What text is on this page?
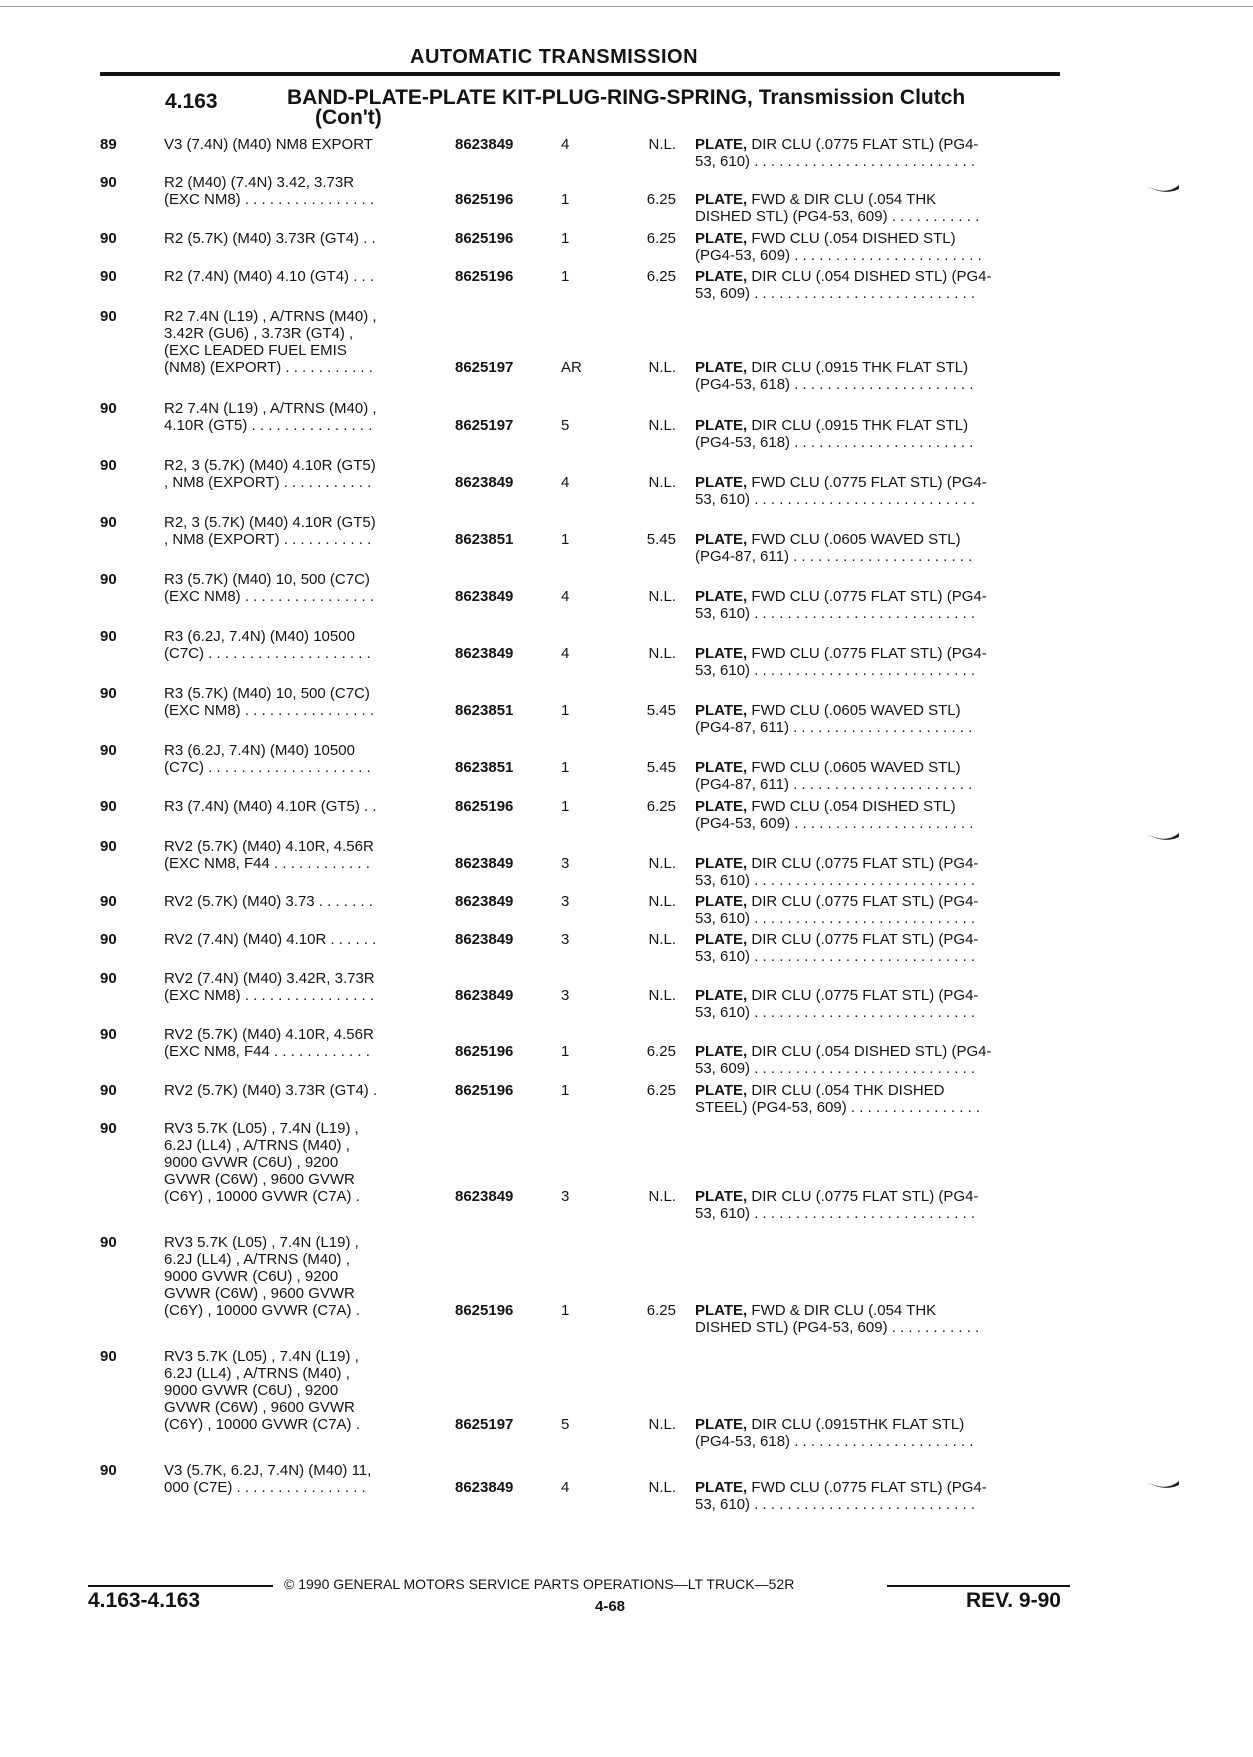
AUTOMATIC TRANSMISSION
4.163	BAND-PLATE-PLATE KIT-PLUG-RING-SPRING, Transmission Clutch
(Con't)
89	V3 (7.4N) (M40) NM8 EXPORT	8623849	4	N.L. PLATE, DIR CLU (.0775 FLAT STL) (PG4-
53, 610) . . . . . . . . . . . . . . . . . . . . . . . . . . .
90	R2 (M40) (7.4N) 3.42, 3.73R
(EXC NM8) . . . . . . . . . . . . . . . .	8625196	1	6.25 PLATE, FWD & DIR CLU (.054 THK
DISHED STL) (PG4-53, 609) . . . . . . . . . . .
90	R2 (5.7K) (M40) 3.73R (GT4) . .	8625196	1	6.25 PLATE, FWD CLU (.054 DISHED STL)
(PG4-53, 609) . . . . . . . . . . . . . . . . . . . . . . .
90	R2 (7.4N) (M40) 4.10 (GT4) . . .	8625196	1	6.25 PLATE, DIR CLU (.054 DISHED STL) (PG4-
53, 609) . . . . . . . . . . . . . . . . . . . . . . . . . . .
90	R2 7.4N (L19) , A/TRNS (M40) ,
3.42R (GU6) , 3.73R (GT4) ,
(EXC LEADED FUEL EMIS
(NM8) (EXPORT) . . . . . . . . . . .	8625197	AR	N.L. PLATE, DIR CLU (.0915 THK FLAT STL)
(PG4-53, 618) . . . . . . . . . . . . . . . . . . . . . .
90	R2 7.4N (L19) , A/TRNS (M40) ,
4.10R (GT5) . . . . . . . . . . . . . . .	8625197	5	N.L. PLATE, DIR CLU (.0915 THK FLAT STL)
(PG4-53, 618) . . . . . . . . . . . . . . . . . . . . . .
90	R2, 3 (5.7K) (M40) 4.10R (GT5)
, NM8 (EXPORT) . . . . . . . . . . .	8623849	4	N.L. PLATE, FWD CLU (.0775 FLAT STL) (PG4-
53, 610) . . . . . . . . . . . . . . . . . . . . . . . . . . .
90	R2, 3 (5.7K) (M40) 4.10R (GT5)
, NM8 (EXPORT) . . . . . . . . . . .	8623851	1	5.45 PLATE, FWD CLU (.0605 WAVED STL)
(PG4-87, 611) . . . . . . . . . . . . . . . . . . . . . .
90	R3 (5.7K) (M40) 10, 500 (C7C)
(EXC NM8) . . . . . . . . . . . . . . . .	8623849	4	N.L. PLATE, FWD CLU (.0775 FLAT STL) (PG4-
53, 610) . . . . . . . . . . . . . . . . . . . . . . . . . . .
90	R3 (6.2J, 7.4N) (M40) 10500
(C7C) . . . . . . . . . . . . . . . . . . . .	8623849	4	N.L. PLATE, FWD CLU (.0775 FLAT STL) (PG4-
53, 610) . . . . . . . . . . . . . . . . . . . . . . . . . . .
90	R3 (5.7K) (M40) 10, 500 (C7C)
(EXC NM8) . . . . . . . . . . . . . . . .	8623851	1	5.45 PLATE, FWD CLU (.0605 WAVED STL)
(PG4-87, 611) . . . . . . . . . . . . . . . . . . . . . .
90	R3 (6.2J, 7.4N) (M40) 10500
(C7C) . . . . . . . . . . . . . . . . . . . .	8623851	1	5.45 PLATE, FWD CLU (.0605 WAVED STL)
(PG4-87, 611) . . . . . . . . . . . . . . . . . . . . . .
90	R3 (7.4N) (M40) 4.10R (GT5) . .	8625196	1	6.25 PLATE, FWD CLU (.054 DISHED STL)
(PG4-53, 609) . . . . . . . . . . . . . . . . . . . . . .
90	RV2 (5.7K) (M40) 4.10R, 4.56R
(EXC NM8, F44 . . . . . . . . . . . .	8623849	3	N.L. PLATE, DIR CLU (.0775 FLAT STL) (PG4-
53, 610) . . . . . . . . . . . . . . . . . . . . . . . . . . .
90	RV2 (5.7K) (M40) 3.73 . . . . . . .	8623849	3	N.L. PLATE, DIR CLU (.0775 FLAT STL) (PG4-
53, 610) . . . . . . . . . . . . . . . . . . . . . . . . . . .
90	RV2 (7.4N) (M40) 4.10R . . . . . .	8623849	3	N.L. PLATE, DIR CLU (.0775 FLAT STL) (PG4-
53, 610) . . . . . . . . . . . . . . . . . . . . . . . . . . .
90	RV2 (7.4N) (M40) 3.42R, 3.73R
(EXC NM8) . . . . . . . . . . . . . . . .	8623849	3	N.L. PLATE, DIR CLU (.0775 FLAT STL) (PG4-
53, 610) . . . . . . . . . . . . . . . . . . . . . . . . . . .
90	RV2 (5.7K) (M40) 4.10R, 4.56R
(EXC NM8, F44 . . . . . . . . . . . .	8625196	1	6.25 PLATE, DIR CLU (.054 DISHED STL) (PG4-
53, 609) . . . . . . . . . . . . . . . . . . . . . . . . . . .
90	RV2 (5.7K) (M40) 3.73R (GT4) .	8625196	1	6.25 PLATE, DIR CLU (.054 THK DISHED
STEEL) (PG4-53, 609) . . . . . . . . . . . . . . . .
90	RV3 5.7K (L05) , 7.4N (L19) ,
6.2J (LL4) , A/TRNS (M40) ,
9000 GVWR (C6U) , 9200
GVWR (C6W) , 9600 GVWR
(C6Y) , 10000 GVWR (C7A) .	8623849	3	N.L. PLATE, DIR CLU (.0775 FLAT STL) (PG4-
53, 610) . . . . . . . . . . . . . . . . . . . . . . . . . . .
90	RV3 5.7K (L05) , 7.4N (L19) ,
6.2J (LL4) , A/TRNS (M40) ,
9000 GVWR (C6U) , 9200
GVWR (C6W) , 9600 GVWR
(C6Y) , 10000 GVWR (C7A) .	8625196	1	6.25 PLATE, FWD & DIR CLU (.054 THK
DISHED STL) (PG4-53, 609) . . . . . . . . . . .
90	RV3 5.7K (L05) , 7.4N (L19) ,
6.2J (LL4) , A/TRNS (M40) ,
9000 GVWR (C6U) , 9200
GVWR (C6W) , 9600 GVWR
(C6Y) , 10000 GVWR (C7A) .	8625197	5	N.L. PLATE, DIR CLU (.0915THK FLAT STL)
(PG4-53, 618) . . . . . . . . . . . . . . . . . . . . . .
90	V3 (5.7K, 6.2J, 7.4N) (M40) 11,
000 (C7E) . . . . . . . . . . . . . . . .	8623849	4	N.L. PLATE, FWD CLU (.0775 FLAT STL) (PG4-
53, 610) . . . . . . . . . . . . . . . . . . . . . . . . . . .
© 1990 GENERAL MOTORS SERVICE PARTS OPERATIONS—LT TRUCK—52R
4.163-4.163	4-68	REV. 9-90
